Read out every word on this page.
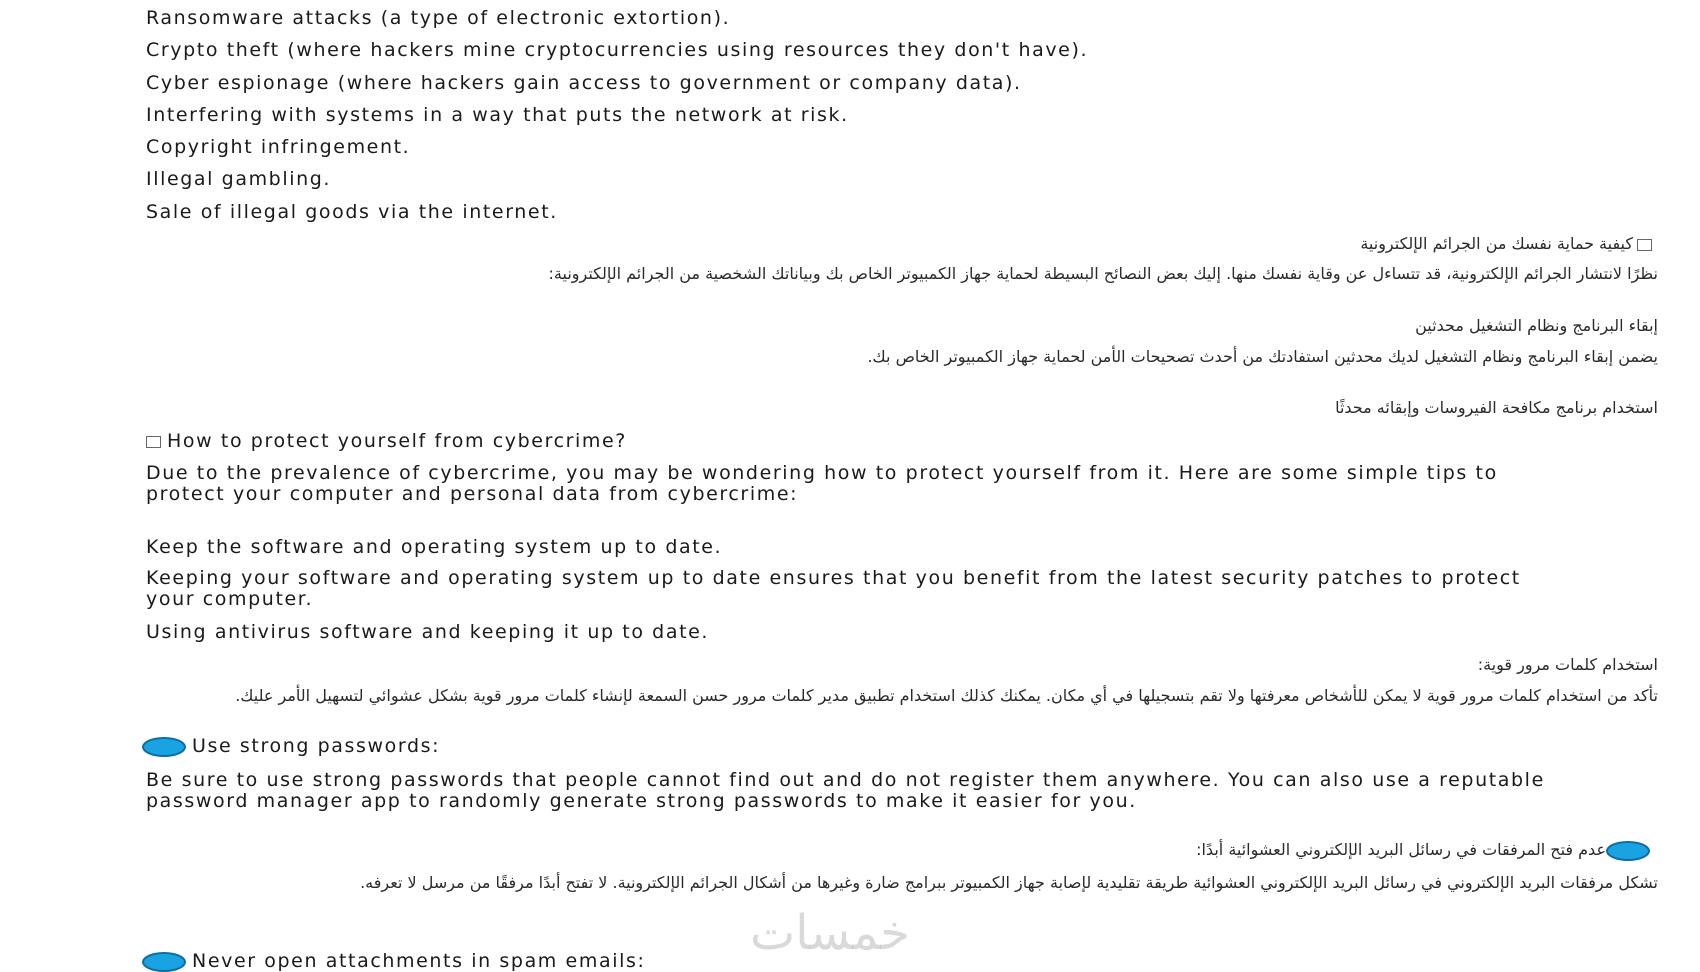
Ransomware attacks (a type of electronic extortion).
Crypto theft (where hackers mine cryptocurrencies using resources they don't have).
Cyber espionage (where hackers gain access to government or company data).
Interfering with systems in a way that puts the network at risk.
Copyright infringement.
Illegal gambling.
Sale of illegal goods via the internet.
كيفية حماية نفسك من الجرائم الإلكترونية
نظرًا لانتشار الجرائم الإلكترونية، قد تتساءل عن وقاية نفسك منها. إليك بعض النصائح البسيطة لحماية جهاز الكمبيوتر الخاص بك وبياناتك الشخصية من الجرائم الإلكترونية:
إبقاء البرنامج ونظام التشغيل محدثين
يضمن إبقاء البرنامج ونظام التشغيل لديك محدثين استفادتك من أحدث تصحيحات الأمن لحماية جهاز الكمبيوتر الخاص بك.
استخدام برنامج مكافحة الفيروسات وإبقائه محدثًا
How to protect yourself from cybercrime?
Due to the prevalence of cybercrime, you may be wondering how to protect yourself from it. Here are some simple tips to protect your computer and personal data from cybercrime:
Keep the software and operating system up to date.
Keeping your software and operating system up to date ensures that you benefit from the latest security patches to protect your computer.
Using antivirus software and keeping it up to date.
استخدام كلمات مرور قوية:
تأكد من استخدام كلمات مرور قوية لا يمكن للأشخاص معرفتها ولا تقم بتسجيلها في أي مكان. يمكنك كذلك استخدام تطبيق مدير كلمات مرور حسن السمعة لإنشاء كلمات مرور قوية بشكل عشوائي لتسهيل الأمر عليك.
Use strong passwords:
Be sure to use strong passwords that people cannot find out and do not register them anywhere. You can also use a reputable password manager app to randomly generate strong passwords to make it easier for you.
عدم فتح المرفقات في رسائل البريد الإلكتروني العشوائية أبدًا:
تشكل مرفقات البريد الإلكتروني في رسائل البريد الإلكتروني العشوائية طريقة تقليدية لإصابة جهاز الكمبيوتر ببرامج ضارة وغيرها من أشكال الجرائم الإلكترونية. لا تفتح أبدًا مرفقًا من مرسل لا تعرفه.
خمسات
Never open attachments in spam emails:
